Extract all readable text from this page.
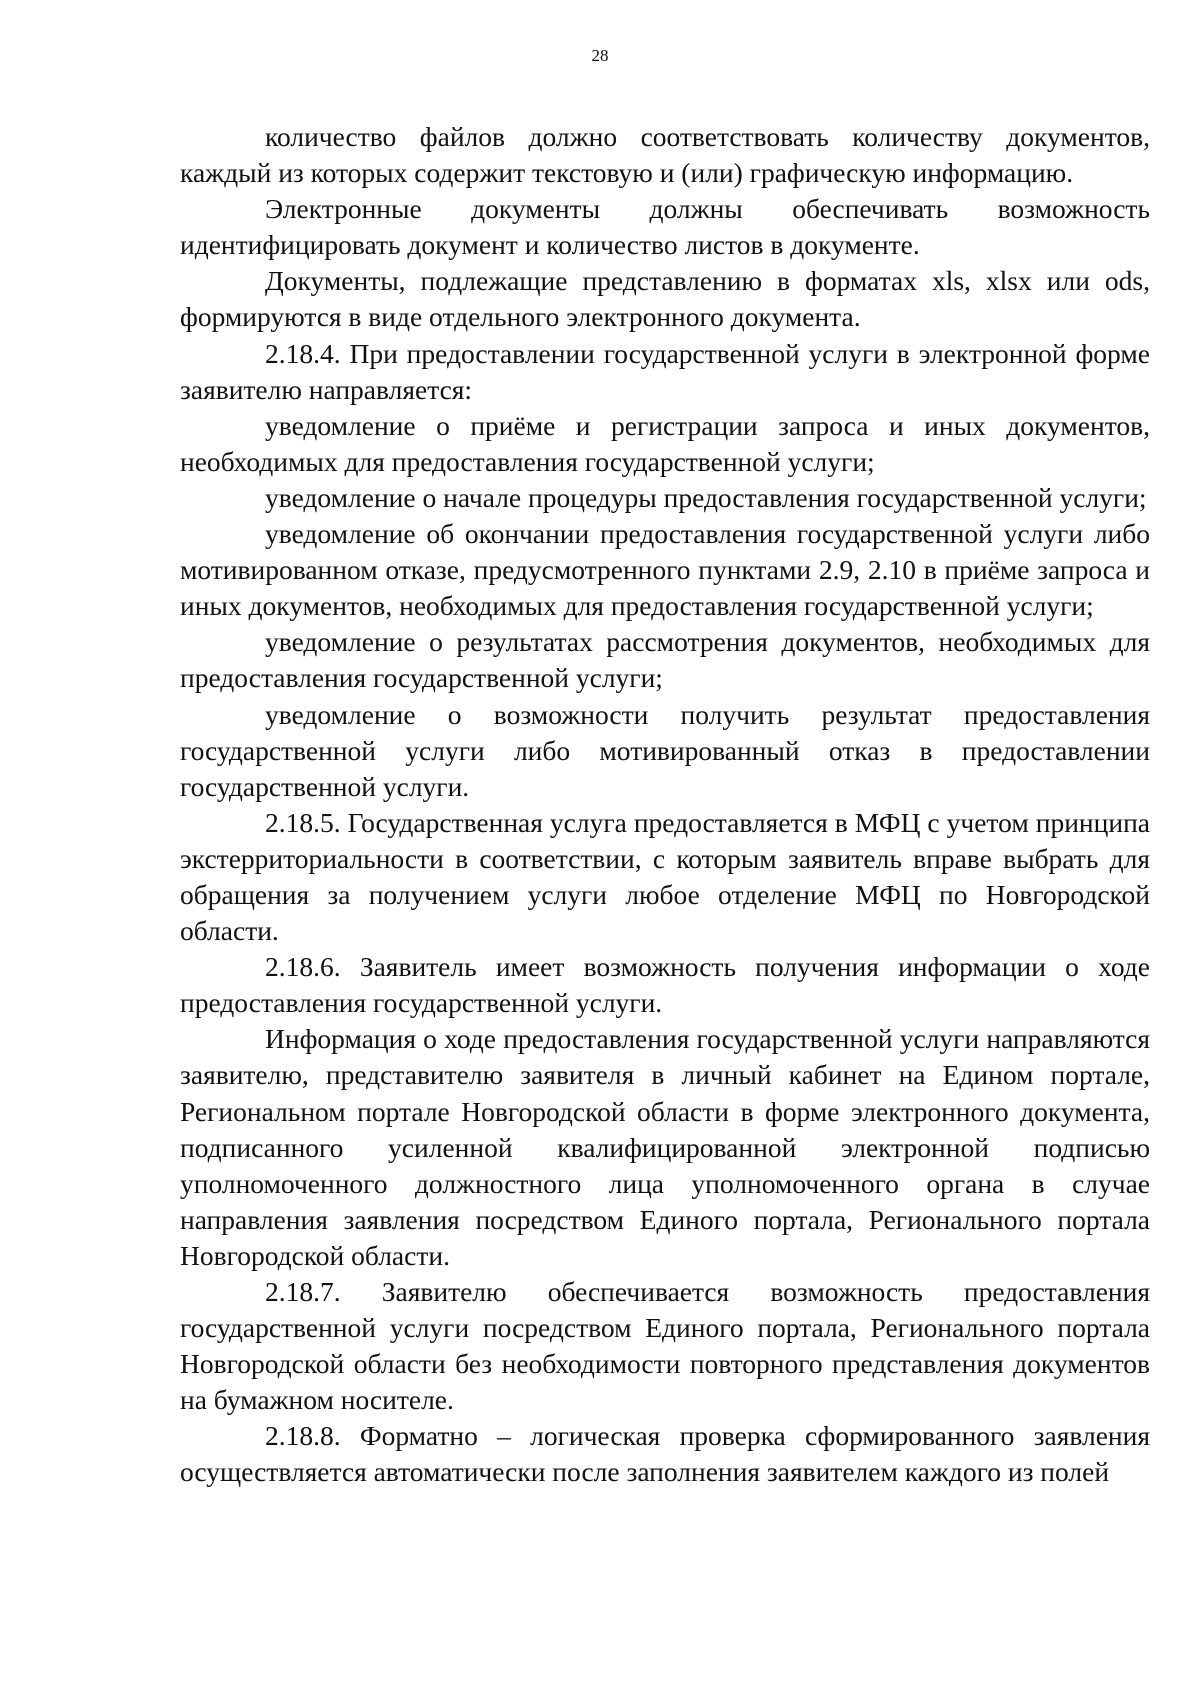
28

количество файлов должно соответствовать количеству документов, каждый из которых содержит текстовую и (или) графическую информацию.

Электронные документы должны обеспечивать возможность идентифицировать документ и количество листов в документе.

Документы, подлежащие представлению в форматах xls, xlsx или ods, формируются в виде отдельного электронного документа.

2.18.4. При предоставлении государственной услуги в электронной форме заявителю направляется:

уведомление о приёме и регистрации запроса и иных документов, необходимых для предоставления государственной услуги;

уведомление о начале процедуры предоставления государственной услуги;

уведомление об окончании предоставления государственной услуги либо мотивированном отказе, предусмотренного пунктами 2.9, 2.10 в приёме запроса и иных документов, необходимых для предоставления государственной услуги;

уведомление о результатах рассмотрения документов, необходимых для предоставления государственной услуги;

уведомление о возможности получить результат предоставления государственной услуги либо мотивированный отказ в предоставлении государственной услуги.

2.18.5. Государственная услуга предоставляется в МФЦ с учетом принципа экстерриториальности в соответствии, с которым заявитель вправе выбрать для обращения за получением услуги любое отделение МФЦ по Новгородской области.

2.18.6. Заявитель имеет возможность получения информации о ходе предоставления государственной услуги.

Информация о ходе предоставления государственной услуги направляются заявителю, представителю заявителя в личный кабинет на Едином портале, Региональном портале Новгородской области в форме электронного документа, подписанного усиленной квалифицированной электронной подписью уполномоченного должностного лица уполномоченного органа в случае направления заявления посредством Единого портала, Регионального портала Новгородской области.

2.18.7. Заявителю обеспечивается возможность предоставления государственной услуги посредством Единого портала, Регионального портала Новгородской области без необходимости повторного представления документов на бумажном носителе.

2.18.8. Форматно – логическая проверка сформированного заявления осуществляется автоматически после заполнения заявителем каждого из полей
